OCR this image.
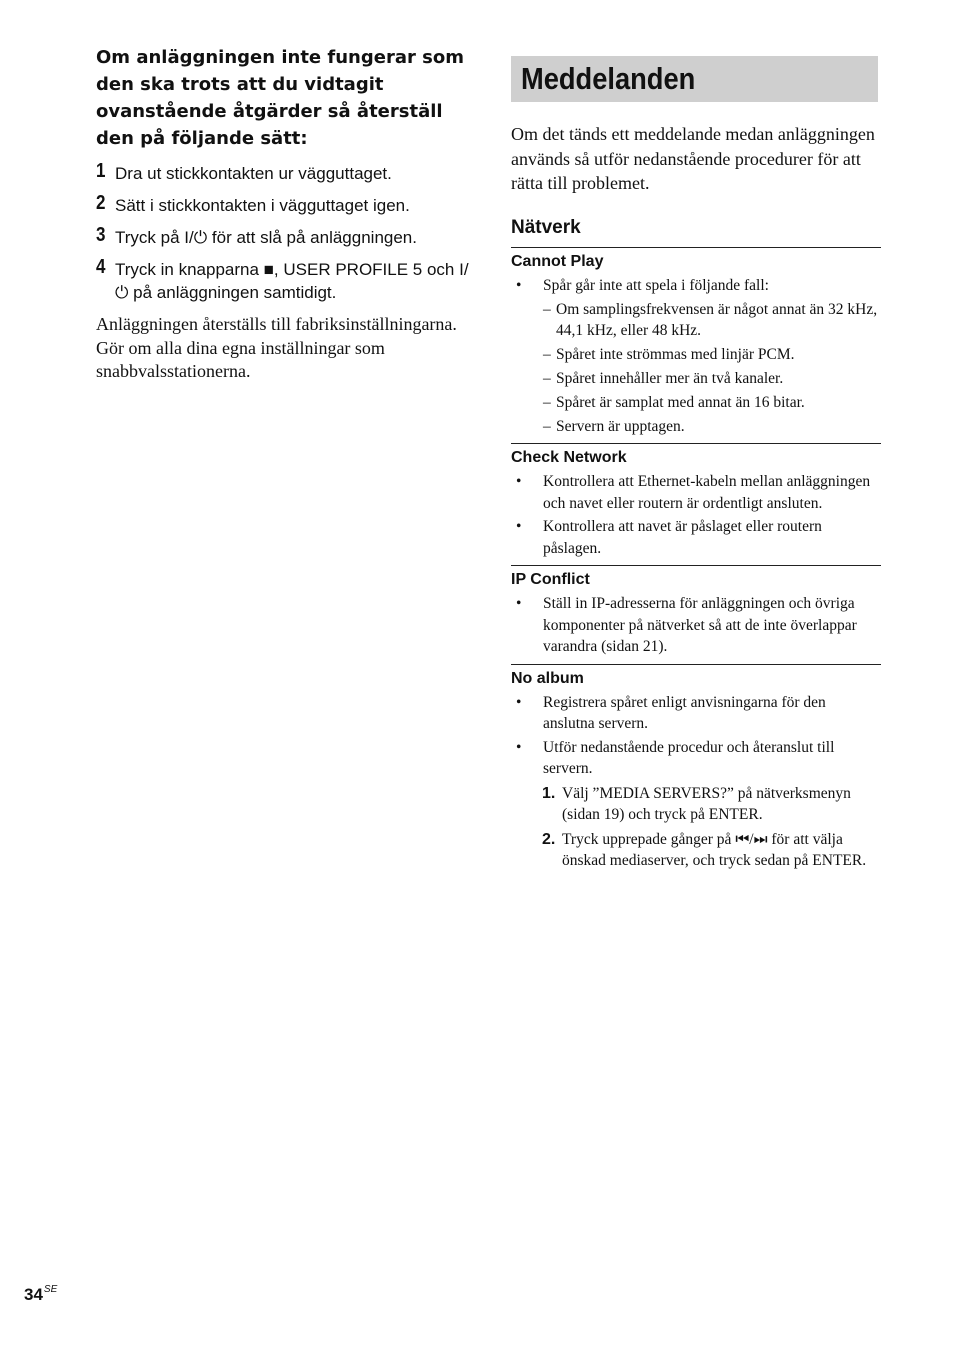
Om anläggningen inte fungerar som den ska trots att du vidtagit ovanstående åtgärder så återställ den på följande sätt:
1 Dra ut stickkontakten ur vägguttaget.
2 Sätt i stickkontakten i vägguttaget igen.
3 Tryck på I/⏻ för att slå på anläggningen.
4 Tryck in knapparna ■, USER PROFILE 5 och I/⏻ på anläggningen samtidigt.

Anläggningen återställs till fabriksinställningarna. Gör om alla dina egna inställningar som snabbvalsstationerna.

Meddelanden

Om det tänds ett meddelande medan anläggningen används så utför nedanstående procedurer för att rätta till problemet.

Nätverk
Cannot Play
• Spår går inte att spela i följande fall:
– Om samplingsfrekvensen är något annat än 32 kHz, 44,1 kHz, eller 48 kHz.
– Spåret inte strömmas med linjär PCM.
– Spåret innehåller mer än två kanaler.
– Spåret är samplat med annat än 16 bitar.
– Servern är upptagen.
Check Network
• Kontrollera att Ethernet-kabeln mellan anläggningen och navet eller routern är ordentligt ansluten.
• Kontrollera att navet är påslaget eller routern påslagen.
IP Conflict
• Ställ in IP-adresserna för anläggningen och övriga komponenter på nätverket så att de inte överlappar varandra (sidan 21).
No album
• Registrera spåret enligt anvisningarna för den anslutna servern.
• Utför nedanstående procedur och återanslut till servern.
1. Välj ”MEDIA SERVERS?” på nätverksmenyn (sidan 19) och tryck på ENTER.
2. Tryck upprepade gånger på ⏮/⏭ för att välja önskad mediaserver, och tryck sedan på ENTER.
$34^{SE}$
